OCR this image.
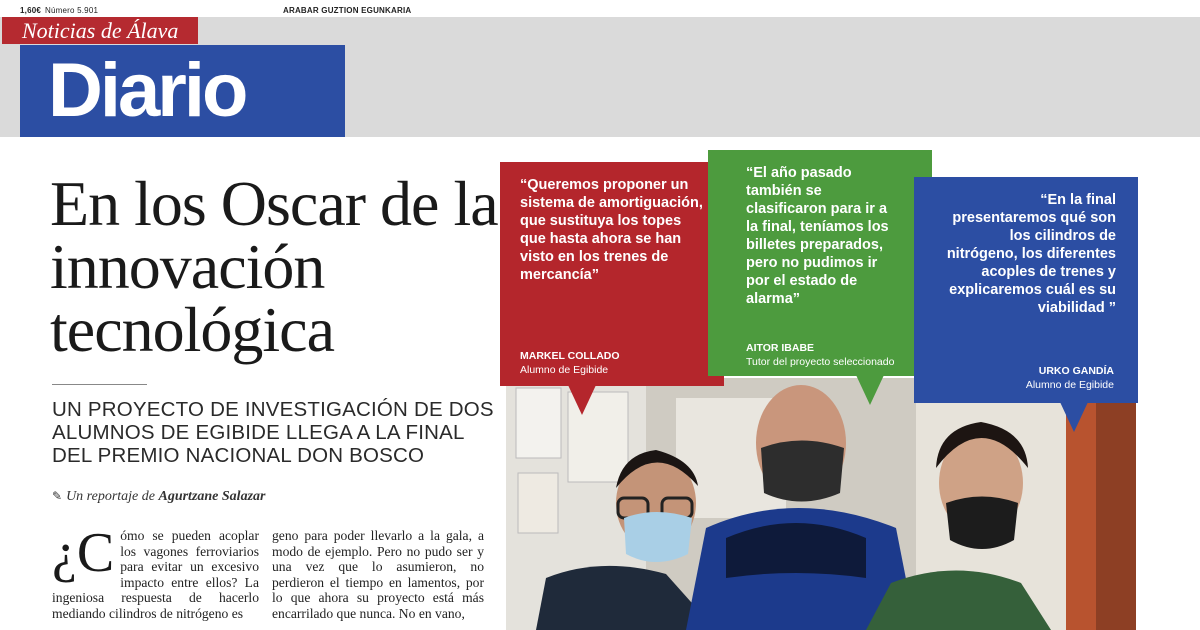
1,60€ Número 5.901	ARABAR GUZTION EGUNKARIA
Noticias de Álava
Diario
En los Oscar de la innovación tecnológica
UN PROYECTO DE INVESTIGACIÓN DE DOS ALUMNOS DE EGIBIDE LLEGA A LA FINAL DEL PREMIO NACIONAL DON BOSCO
✎ Un reportaje de Agurtzane Salazar
¿C ómo se pueden acoplar los vagones ferroviarios para evitar un excesivo impacto entre ellos? La ingeniosa respuesta de hacerlo mediando cilindros de nitrógeno es
geno para poder llevarlo a la gala, a modo de ejemplo. Pero no pudo ser y una vez que lo asumieron, no perdieron el tiempo en lamentos, por lo que ahora su proyecto está más encarrilado que nunca. No en vano,
“Queremos proponer un sistema de amortiguación, que sustituya los topes que hasta ahora se han visto en los trenes de mercancía”
MARKEL COLLADO
Alumno de Egibide
“El año pasado también se clasificaron para ir a la final, teníamos los billetes preparados, pero no pudimos ir por el estado de alarma”
AITOR IBABE
Tutor del proyecto seleccionado
“En la final presentaremos qué son los cilindros de nitrógeno, los diferentes acoples de trenes y explicaremos cuál es su viabilidad ”
URKO GANDÍA
Alumno de Egibide
